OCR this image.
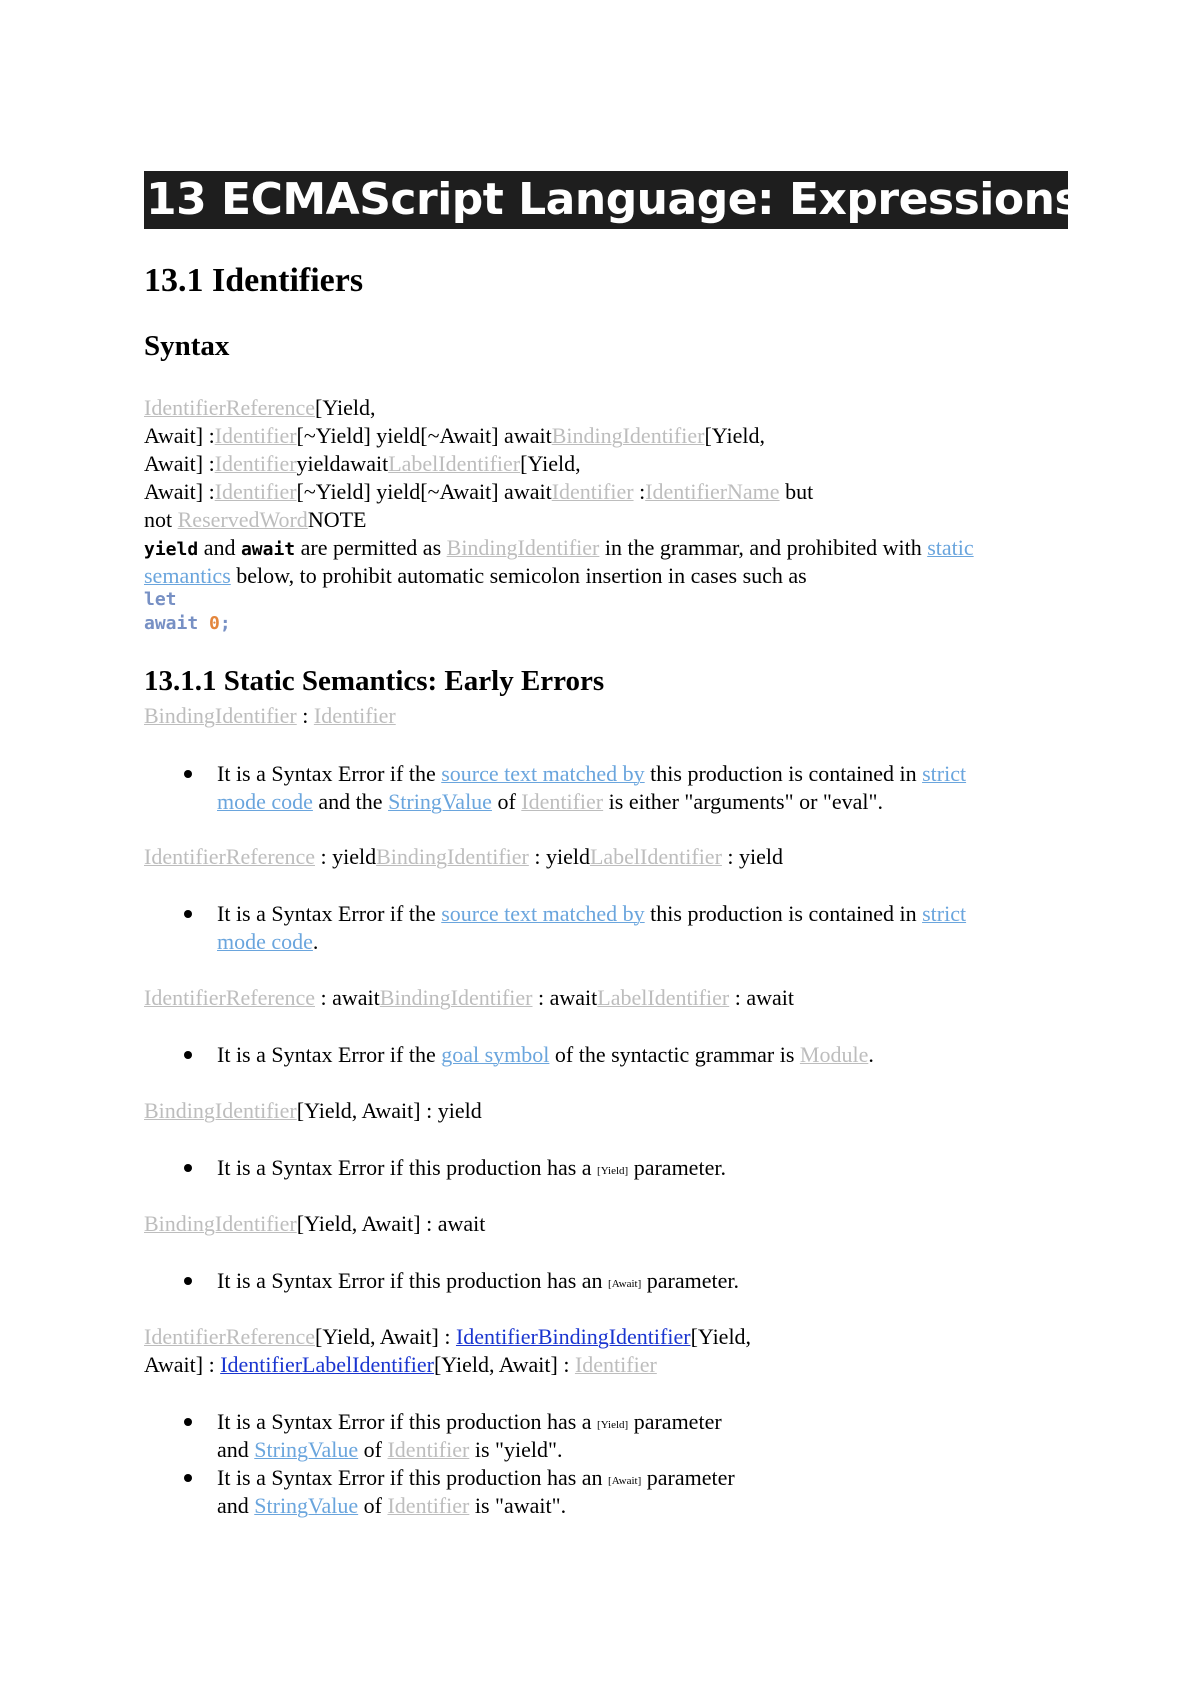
13 ECMAScript Language: Expressions
13.1 Identifiers
Syntax
IdentifierReference[Yield,
Await] :Identifier[~Yield] yield[~Await] awaitBindingIdentifier[Yield,
Await] :IdentifieryieldawaitLabelIdentifier[Yield,
Await] :Identifier[~Yield] yield[~Await] awaitIdentifier :IdentifierName but
not ReservedWordNOTE
yield and await are permitted as BindingIdentifier in the grammar, and prohibited with static
semantics below, to prohibit automatic semicolon insertion in cases such as
let
await 0;
13.1.1 Static Semantics: Early Errors
BindingIdentifier : Identifier
It is a Syntax Error if the source text matched by this production is contained in strict
mode code and the StringValue of Identifier is either "arguments" or "eval".
IdentifierReference : yieldBindingIdentifier : yieldLabelIdentifier : yield
It is a Syntax Error if the source text matched by this production is contained in strict
mode code.
IdentifierReference : awaitBindingIdentifier : awaitLabelIdentifier : await
It is a Syntax Error if the goal symbol of the syntactic grammar is Module.
BindingIdentifier[Yield, Await] : yield
It is a Syntax Error if this production has a [Yield] parameter.
BindingIdentifier[Yield, Await] : await
It is a Syntax Error if this production has an [Await] parameter.
IdentifierReference[Yield, Await] : IdentifierBindingIdentifier[Yield,
Await] : IdentifierLabelIdentifier[Yield, Await] : Identifier
It is a Syntax Error if this production has a [Yield] parameter
and StringValue of Identifier is "yield".
It is a Syntax Error if this production has an [Await] parameter
and StringValue of Identifier is "await".
